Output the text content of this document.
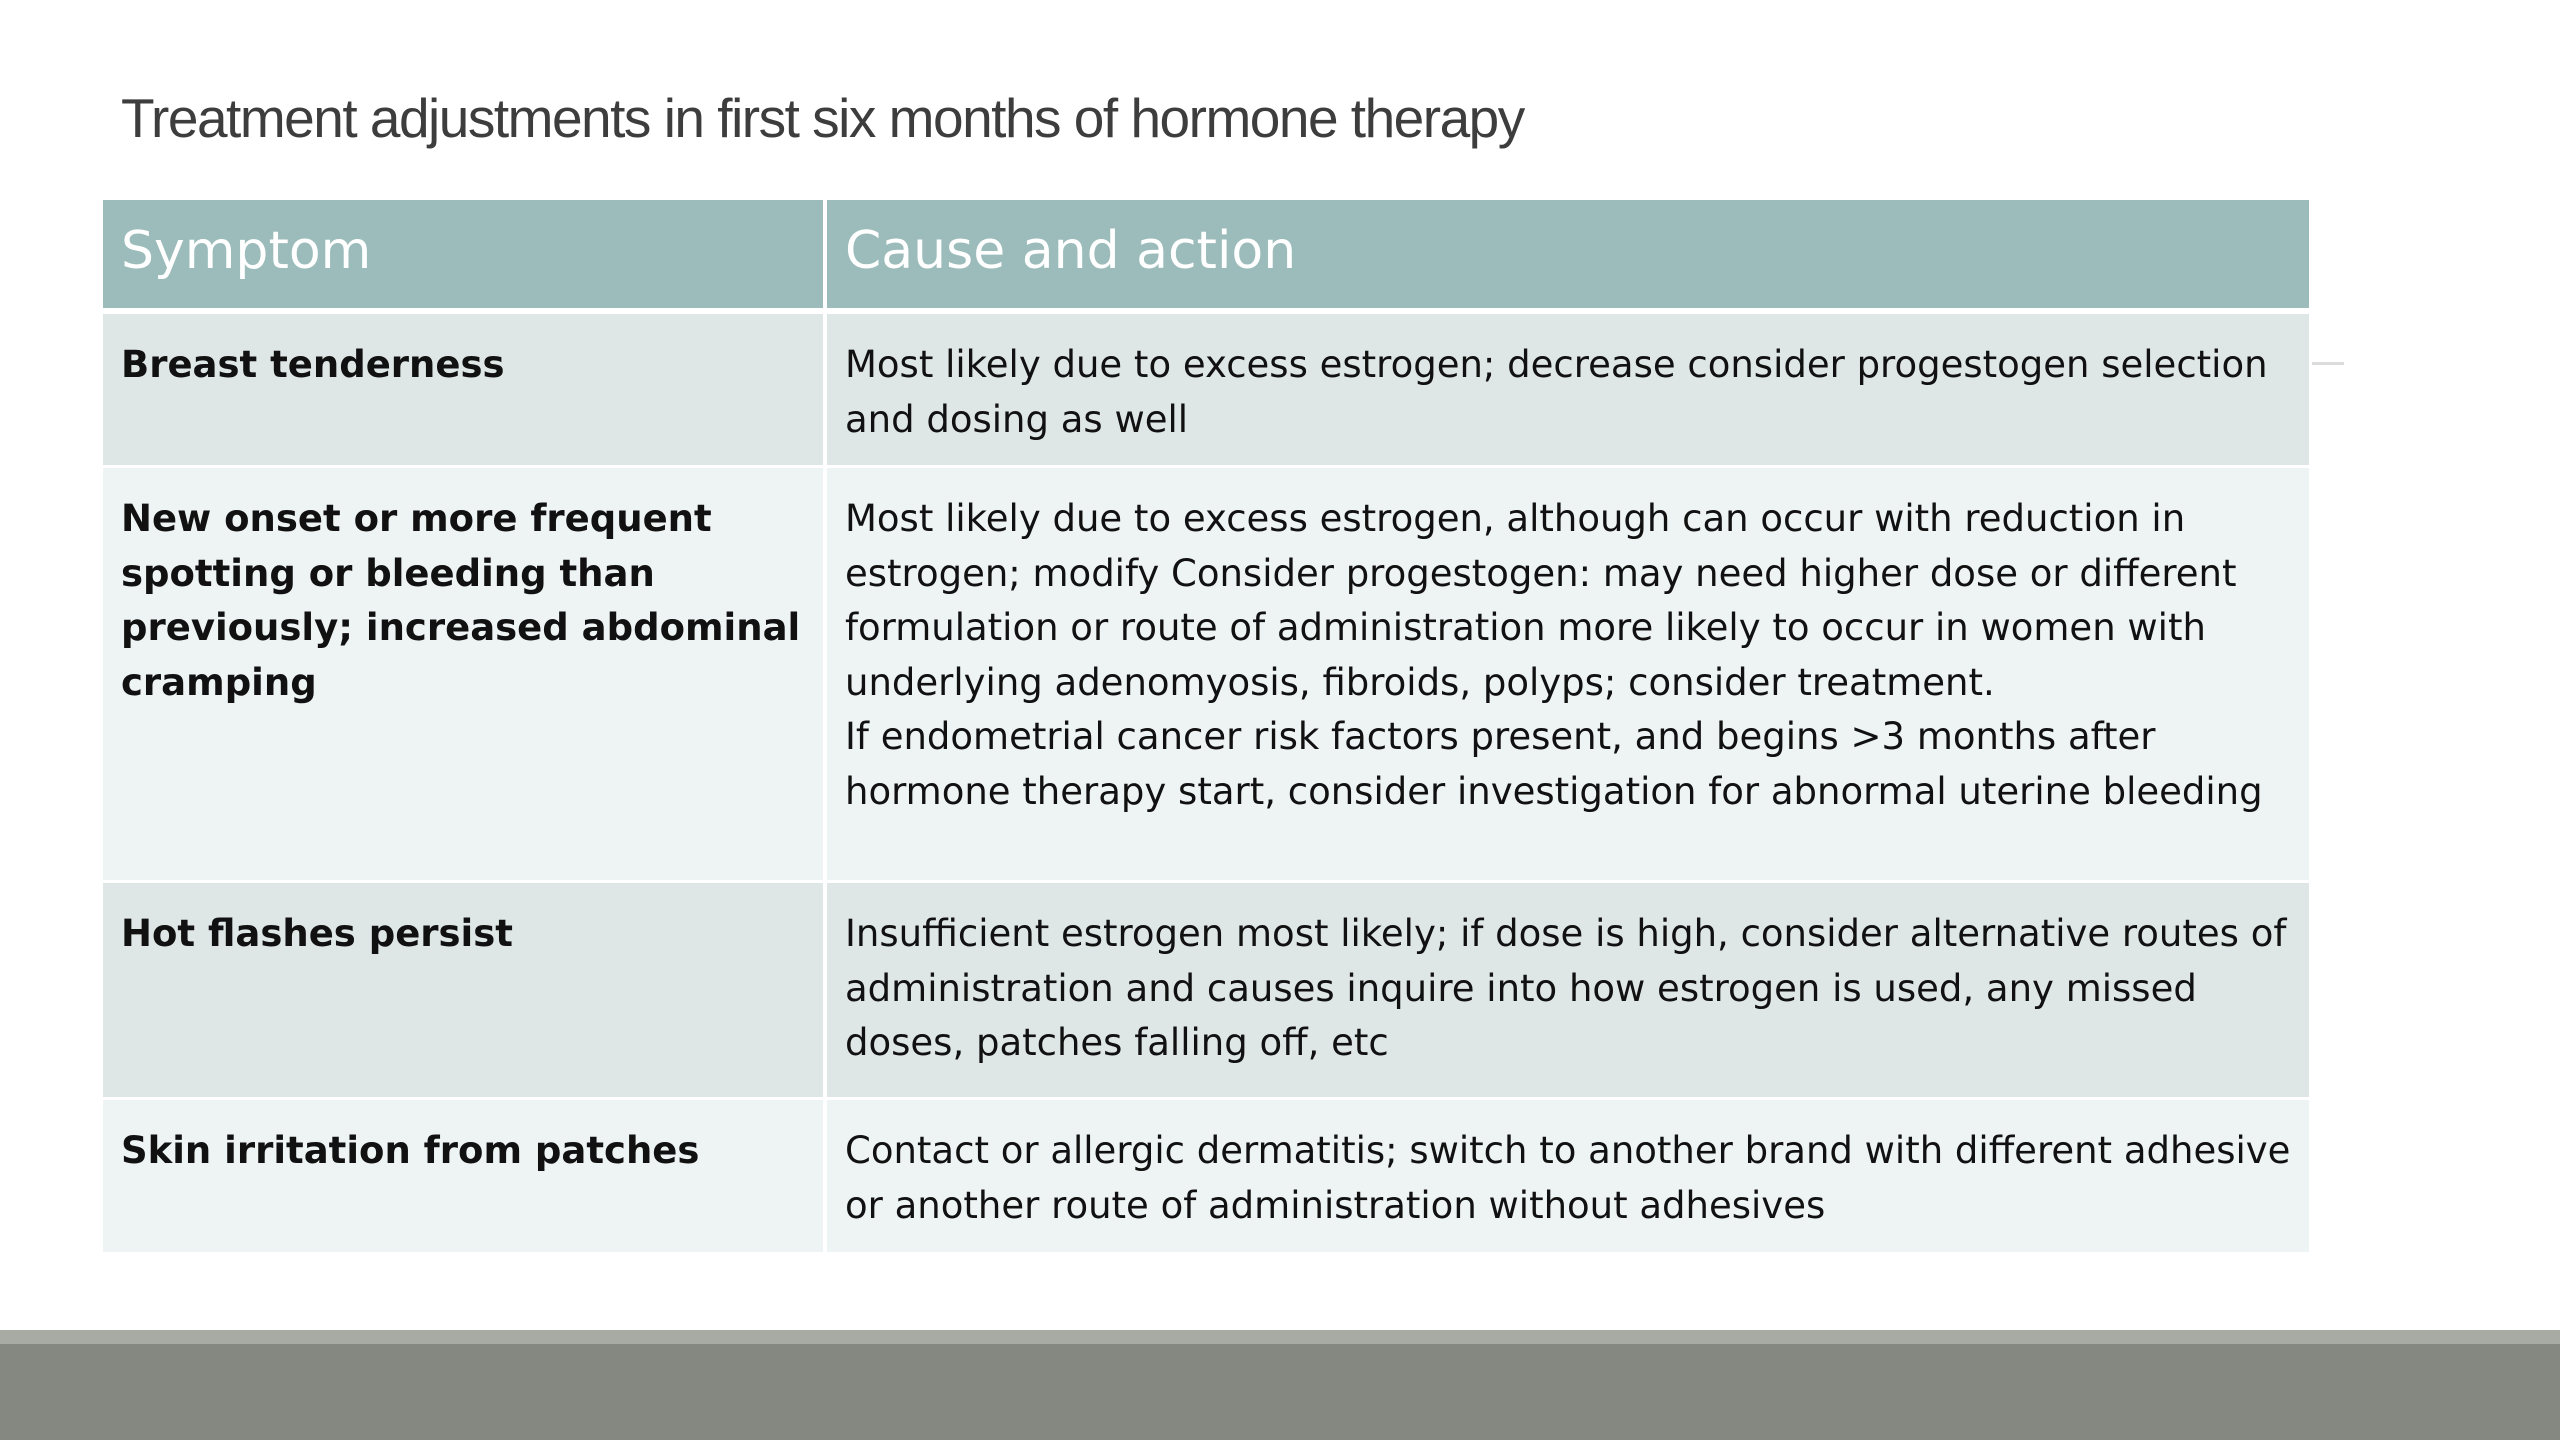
Treatment adjustments in first six months of hormone therapy
Symptom	Cause and action
Breast tenderness	Most likely due to excess estrogen; decrease consider progestogen selection and dosing as well
New onset or more frequent spotting or bleeding than previously; increased abdominal cramping	Most likely due to excess estrogen, although can occur with reduction in estrogen; modify Consider progestogen: may need higher dose or different formulation or route of administration more likely to occur in women with underlying adenomyosis, fibroids, polyps; consider treatment.
If endometrial cancer risk factors present, and begins >3 months after hormone therapy start, consider investigation for abnormal uterine bleeding

Hot flashes persist	Insufficient estrogen most likely; if dose is high, consider alternative routes of administration and causes inquire into how estrogen is used, any missed doses, patches falling off, etc
Skin irritation from patches	Contact or allergic dermatitis; switch to another brand with different adhesive or another route of administration without adhesives
